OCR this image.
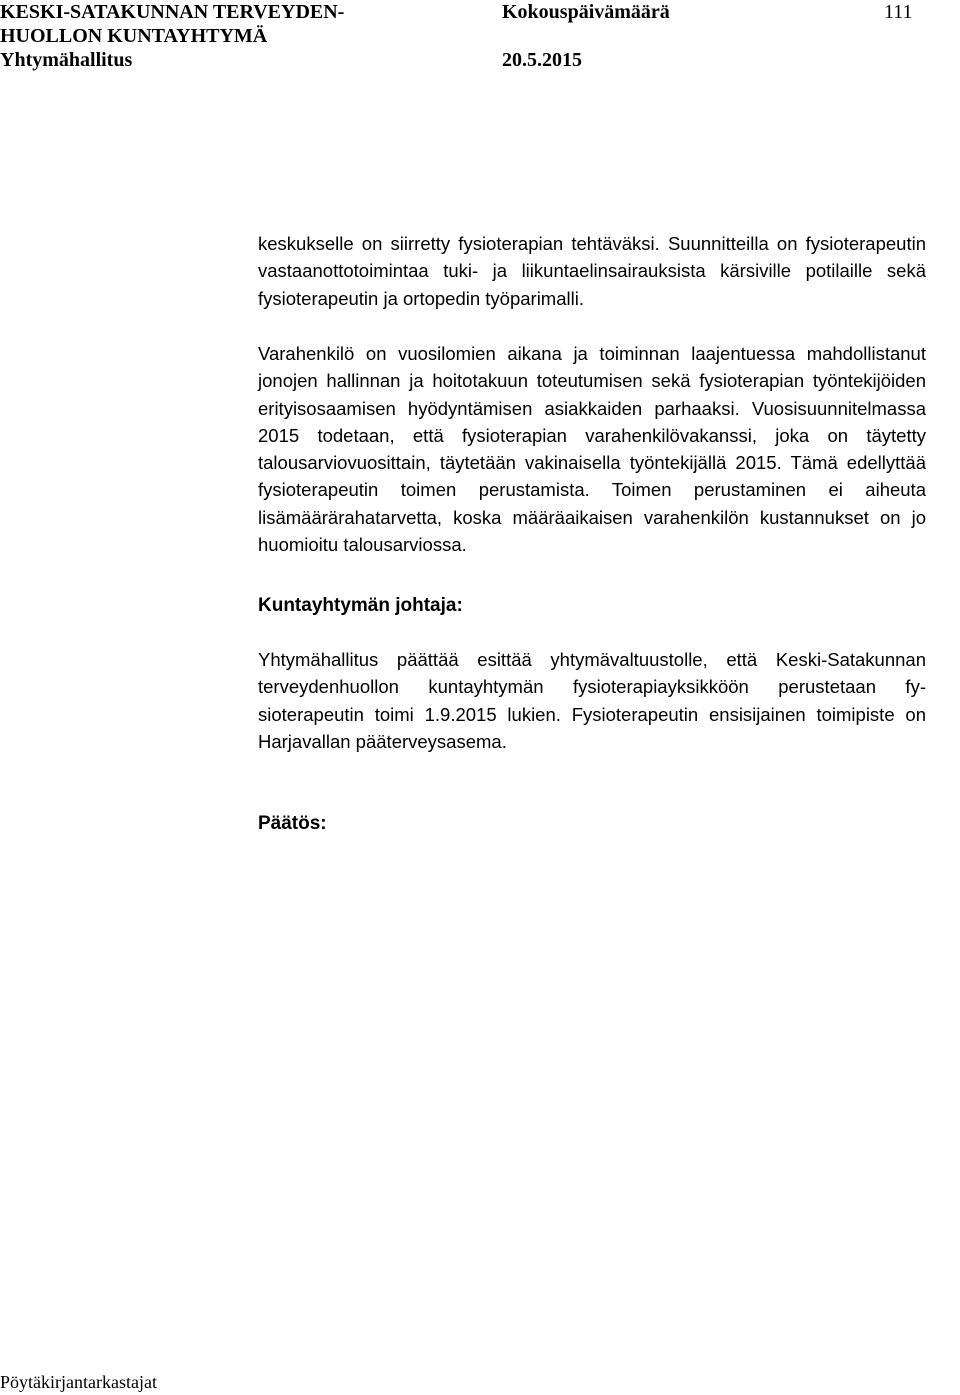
KESKI-SATAKUNNAN TERVEYDEN-
HUOLLON KUNTAYHTYMÄ
Yhtymähallitus
Kokouspäivämäärä
20.5.2015
111

keskukselle on siirretty fysioterapian tehtäväksi. Suunnitteilla on fysioterapeutin vastaanottotoimintaa tuki- ja liikuntaelinsairauksista kärsiville potilaille sekä fysioterapeutin ja ortopedin työparimalli.

Varahenkilö on vuosilomien aikana ja toiminnan laajentuessa mahdollistanut jonojen hallinnan ja hoitotakuun toteutumisen sekä fysioterapian työntekijöiden erityisosaamisen hyödyntämisen asiakkaiden parhaaksi. Vuosisuunnitelmassa 2015 todetaan, että fysioterapian varahenkilövakanssi, joka on täytetty talousarviovuosittain, täytetään vakinaisella työntekijällä 2015. Tämä edellyttää fysioterapeutin toimen perustamista. Toimen perustaminen ei aiheuta lisämäärärahatarvetta, koska määräaikaisen varahenkilön kustannukset on jo huomioitu talousarviossa.

Kuntayhtymän johtaja:

Yhtymähallitus päättää esittää yhtymävaltuustolle, että Keski-Satakunnan terveydenhuollon kuntayhtymän fysioterapiayksikköön perustetaan fysioterapeutin toimi 1.9.2015 lukien. Fysioterapeutin ensisijainen toimipiste on Harjavallan pääterveysasema.

Päätös:
Pöytäkirjantarkastajat
